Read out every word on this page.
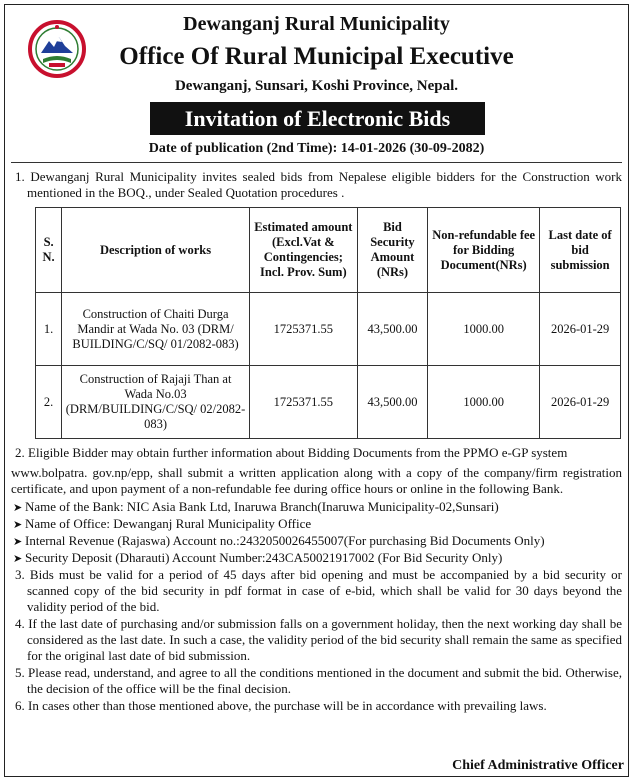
Dewanganj Rural Municipality
Office Of Rural Municipal Executive
Dewanganj, Sunsari, Koshi Province, Nepal.
Invitation of Electronic Bids
Date of publication (2nd Time): 14-01-2026 (30-09-2082)

1. Dewanganj Rural Municipality invites sealed bids from Nepalese eligible bidders for the Construction work mentioned in the BOQ., under Sealed Quotation procedures .

S. N.	Description of works	Estimated amount (Excl.Vat & Contingencies; Incl. Prov. Sum)	Bid Security Amount (NRs)	Non-refundable fee for Bidding Document(NRs)	Last date of bid submission
1.	Construction of Chaiti Durga Mandir at Wada No. 03 (DRM/ BUILDING/C/SQ/ 01/2082-083)	1725371.55	43,500.00	1000.00	2026-01-29
2.	Construction of Rajaji Than at Wada No.03 (DRM/BUILDING/C/SQ/ 02/2082-083)	1725371.55	43,500.00	1000.00	2026-01-29

2. Eligible Bidder may obtain further information about Bidding Documents from the PPMO e-GP system

www.bolpatra. gov.np/epp, shall submit a written application along with a copy of the company/firm registration certificate, and upon payment of a non-refundable fee during office hours or online in the following Bank.

➤ Name of the Bank: NIC Asia Bank Ltd, Inaruwa Branch(Inaruwa Municipality-02,Sunsari)

➤ Name of Office: Dewanganj Rural Municipality Office

➤ Internal Revenue (Rajaswa) Account no.:2432050026455007(For purchasing Bid Documents Only)

➤ Security Deposit (Dharauti) Account Number:243CA50021917002 (For Bid Security Only)

3. Bids must be valid for a period of 45 days after bid opening and must be accompanied by a bid security or scanned copy of the bid security in pdf format in case of e-bid, which shall be valid for 30 days beyond the validity period of the bid.

4. If the last date of purchasing and/or submission falls on a government holiday, then the next working day shall be considered as the last date. In such a case, the validity period of the bid security shall remain the same as specified for the original last date of bid submission.

5. Please read, understand, and agree to all the conditions mentioned in the document and submit the bid. Otherwise, the decision of the office will be the final decision.

6. In cases other than those mentioned above, the purchase will be in accordance with prevailing laws.

Chief Administrative Officer
